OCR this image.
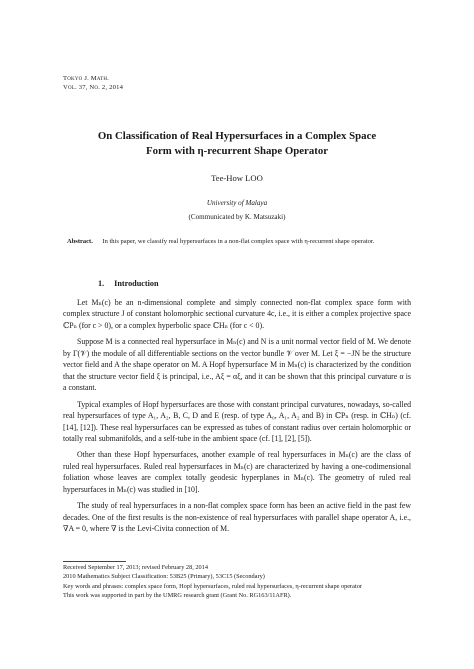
Tokyo J. Math.
Vol. 37, No. 2, 2014
On Classification of Real Hypersurfaces in a Complex Space
Form with η-recurrent Shape Operator
Tee-How LOO
University of Malaya
(Communicated by K. Matsuzaki)
Abstract. In this paper, we classify real hypersurfaces in a non-flat complex space with η-recurrent shape operator.
1. Introduction

Let Mₙ(c) be an n-dimensional complete and simply connected non-flat complex space form with complex structure J of constant holomorphic sectional curvature 4c, i.e., it is either a complex projective space ℂPₙ (for c > 0), or a complex hyperbolic space ℂHₙ (for c < 0).

Suppose M is a connected real hypersurface in Mₙ(c) and N is a unit normal vector field of M. We denote by Γ(𝒱) the module of all differentiable sections on the vector bundle 𝒱 over M. Let ξ = −JN be the structure vector field and A the shape operator on M. A Hopf hypersurface M in Mₙ(c) is characterized by the condition that the structure vector field ξ is principal, i.e., Aξ = αξ, and it can be shown that this principal curvature α is a constant.

Typical examples of Hopf hypersurfaces are those with constant principal curvatures, nowadays, so-called real hypersurfaces of type A₁, A₂, B, C, D and E (resp. of type A₀, A₁, A₂ and B) in ℂPₙ (resp. in ℂHₙ) (cf. [14], [12]). These real hypersurfaces can be expressed as tubes of constant radius over certain holomorphic or totally real submanifolds, and a self-tube in the ambient space (cf. [1], [2], [5]).

Other than these Hopf hypersurfaces, another example of real hypersurfaces in Mₙ(c) are the class of ruled real hypersurfaces. Ruled real hypersurfaces in Mₙ(c) are characterized by having a one-codimensional foliation whose leaves are complex totally geodesic hyperplanes in Mₙ(c). The geometry of ruled real hypersurfaces in Mₙ(c) was studied in [10].

The study of real hypersurfaces in a non-flat complex space form has been an active field in the past few decades. One of the first results is the non-existence of real hypersurfaces with parallel shape operator A, i.e., ∇A = 0, where ∇ is the Levi-Civita connection of M.

Received September 17, 2013; revised February 28, 2014
2010 Mathematics Subject Classification: 53B25 (Primary), 53C15 (Secondary)
Key words and phrases: complex space form, Hopf hypersurfaces, ruled real hypersurfaces, η-recurrent shape operator
This work was supported in part by the UMRG research grant (Grant No. RG163/11AFR).
